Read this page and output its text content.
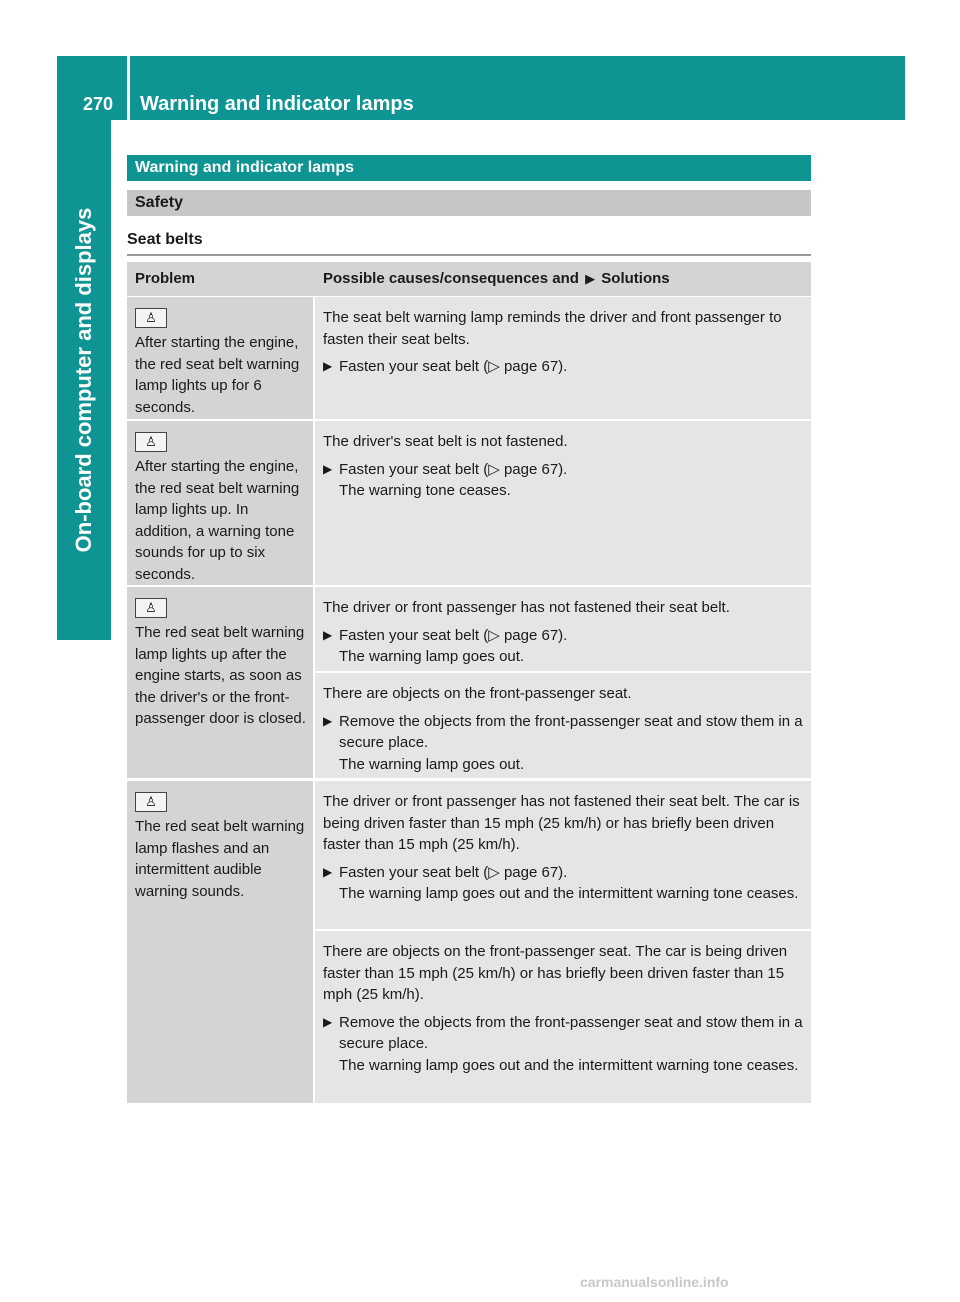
270	Warning and indicator lamps
On-board computer and displays
Warning and indicator lamps
Safety
Seat belts
Problem	Possible causes/consequences and ▶ Solutions
♙
After starting the engine, the red seat belt warning lamp lights up for 6 seconds.

The seat belt warning lamp reminds the driver and front passenger to fasten their seat belts.

▶ Fasten your seat belt (▷ page 67).
♙
After starting the engine, the red seat belt warning lamp lights up. In addition, a warning tone sounds for up to six seconds.

The driver's seat belt is not fastened.

▶ Fasten your seat belt (▷ page 67).

The warning tone ceases.

♙
The red seat belt warning lamp lights up after the engine starts, as soon as the driver's or the front-passenger door is closed.

The driver or front passenger has not fastened their seat belt.

▶ Fasten your seat belt (▷ page 67).

The warning lamp goes out.

There are objects on the front-passenger seat.

▶ Remove the objects from the front-passenger seat and stow them in a secure place.

The warning lamp goes out.

♙
The red seat belt warning lamp flashes and an intermittent audible warning sounds.

The driver or front passenger has not fastened their seat belt. The car is being driven faster than 15 mph (25 km/h) or has briefly been driven faster than 15 mph (25 km/h).

▶ Fasten your seat belt (▷ page 67).

The warning lamp goes out and the intermittent warning tone ceases.

There are objects on the front-passenger seat. The car is being driven faster than 15 mph (25 km/h) or has briefly been driven faster than 15 mph (25 km/h).

▶ Remove the objects from the front-passenger seat and stow them in a secure place.

The warning lamp goes out and the intermittent warning tone ceases.

carmanualsonline.info
